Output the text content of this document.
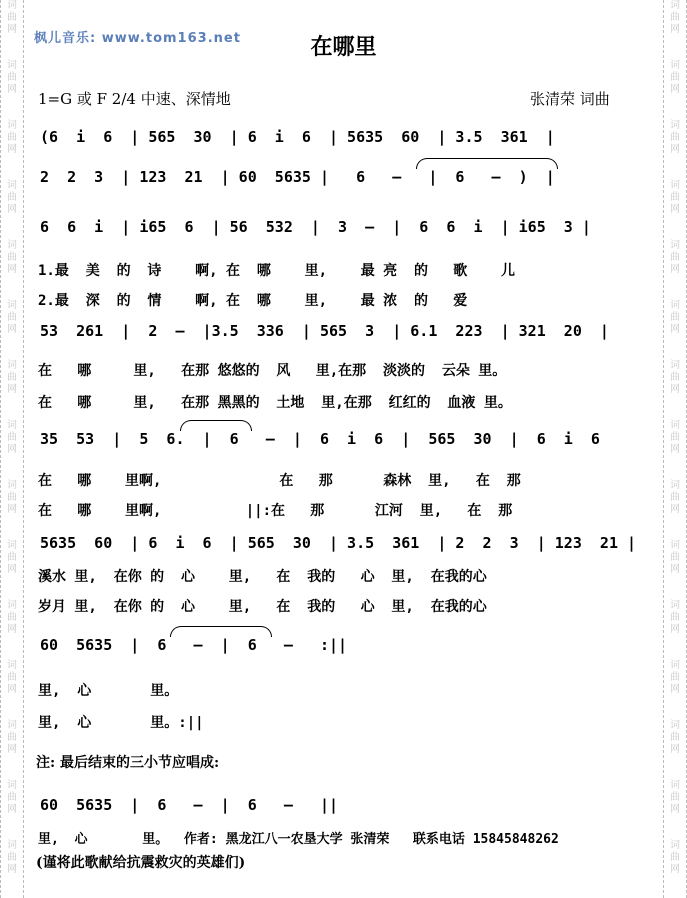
词
曲
网
词
曲
网
词
曲
网
词
曲
网
词
曲
网
词
曲
网
词
曲
网
词
曲
网
词
曲
网
词
曲
网
词
曲
网
词
曲
网
词
曲
网
词
曲
网
词
曲
网
词
曲
网
词
曲
网
词
曲
网
词
曲
网
词
曲
网
词
曲
网
词
曲
网
词
曲
网
词
曲
网
词
曲
网
词
曲
网
词
曲
网
词
曲
网
词
曲
网
词
曲
网
枫儿音乐: www.tom163.net	在哪里
1=G 或 F 2/4 中速、深情地	张清荣 词曲
(6  i  6  | 565  30  | 6  i  6  | 5635  60  | 3.5  361  |
2  2  3  | 123  21  | 60  5635 |   6   —   |  6   —  )  |
6  6  i  | i65  6  | 56  532  |  3  —  |  6  6  i  | i65  3 |
1.最  美  的  诗    啊, 在  哪    里,    最 亮  的   歌    儿
2.最  深  的  情    啊, 在  哪    里,    最 浓  的   爱
53  261  |  2  —  |3.5  336  | 565  3  | 6.1  223  | 321  20  |
在   哪     里,   在那 悠悠的  风   里,在那  淡淡的  云朵 里。
在   哪     里,   在那 黑黑的  土地  里,在那  红红的  血液 里。
35  53  |  5  6.  |  6   —  |  6  i  6  |  565  30  |  6  i  6
在   哪    里啊,              在   那      森林  里,   在  那
在   哪    里啊,          ||:在   那      江河  里,   在  那
5635  60  | 6  i  6  | 565  30  | 3.5  361  | 2  2  3  | 123  21 |
溪水 里,  在你 的  心    里,   在  我的   心  里,  在我的心
岁月 里,  在你 的  心    里,   在  我的   心  里,  在我的心
60  5635  |  6   —  |  6   —   :||
里,  心       里。
里,  心       里。:||
注: 最后结束的三小节应唱成:
60  5635  |  6   —  |  6   —   ||
里,  心       里。  作者: 黑龙江八一农垦大学 张清荣   联系电话 15845848262
(谨将此歌献给抗震救灾的英雄们)
